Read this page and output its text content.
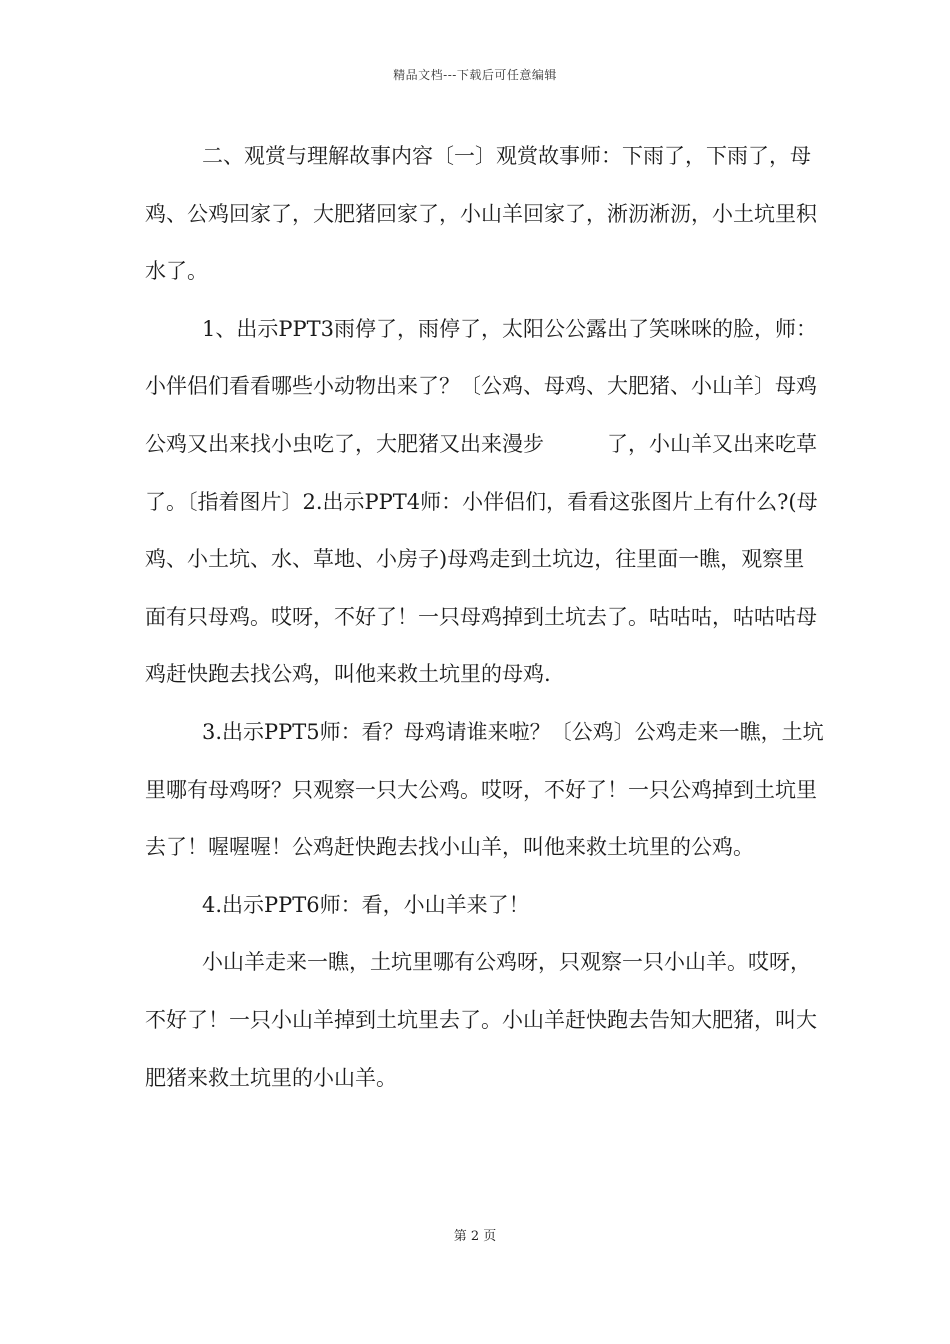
精品文档---下载后可任意编辑

二、观赏与理解故事内容〔一〕观赏故事师：下雨了，下雨了，母鸡、公鸡回家了，大肥猪回家了，小山羊回家了，淅沥淅沥，小土坑里积水了。

1、出示PPT3雨停了，雨停了，太阳公公露出了笑咪咪的脸，师：小伴侣们看看哪些小动物出来了？〔公鸡、母鸡、大肥猪、小山羊〕母鸡公鸡又出来找小虫吃了，大肥猪又出来漫步　　　了，小山羊又出来吃草了。〔指着图片〕2.出示PPT4师：小伴侣们，看看这张图片上有什么?(母鸡、小土坑、水、草地、小房子)母鸡走到土坑边，往里面一瞧，观察里面有只母鸡。哎呀，不好了！一只母鸡掉到土坑去了。咕咕咕，咕咕咕母鸡赶快跑去找公鸡，叫他来救土坑里的母鸡.

3.出示PPT5师：看？母鸡请谁来啦？〔公鸡〕公鸡走来一瞧，土坑里哪有母鸡呀？只观察一只大公鸡。哎呀，不好了！一只公鸡掉到土坑里去了！喔喔喔！公鸡赶快跑去找小山羊，叫他来救土坑里的公鸡。

4.出示PPT6师：看，小山羊来了！

小山羊走来一瞧，土坑里哪有公鸡呀，只观察一只小山羊。哎呀，不好了！一只小山羊掉到土坑里去了。小山羊赶快跑去告知大肥猪，叫大肥猪来救土坑里的小山羊。

第 2 页
